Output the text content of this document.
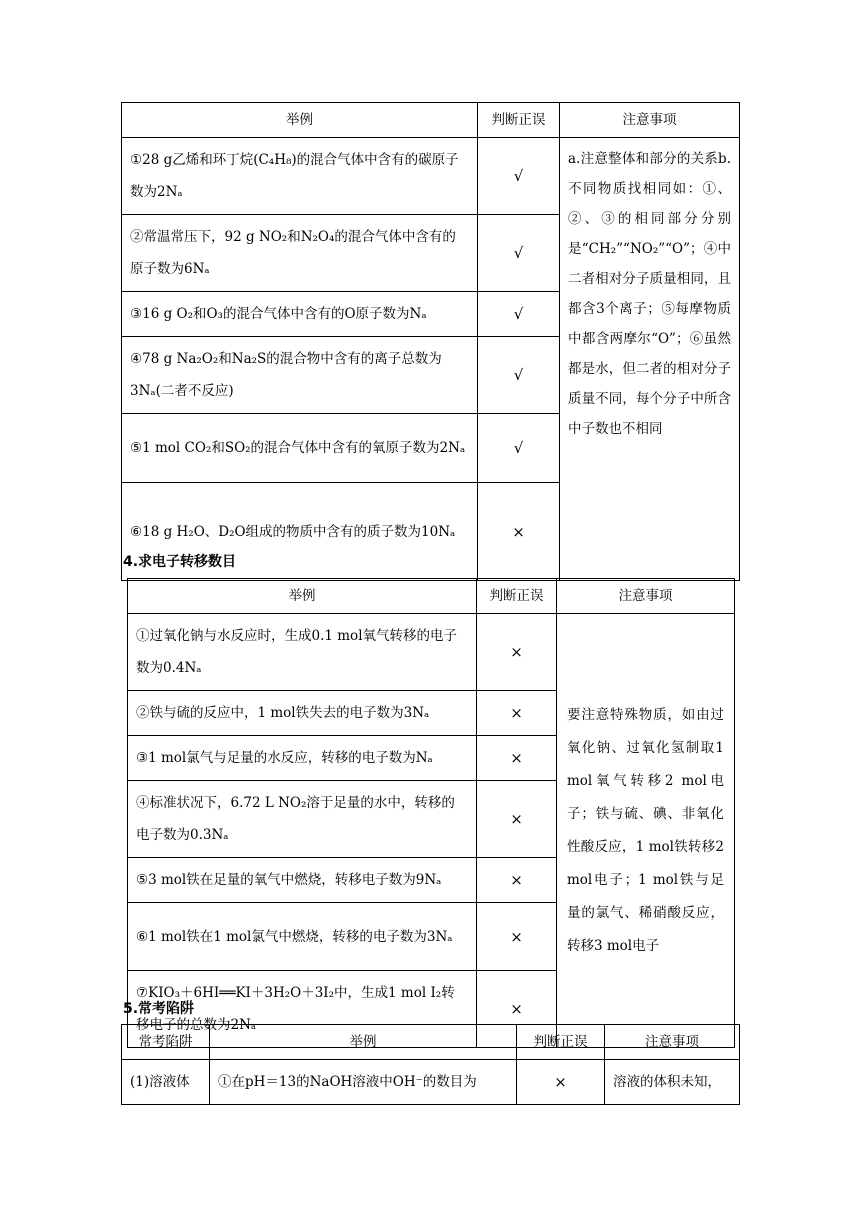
举例	判断正误	注意事项
①28 g乙烯和环丁烷(C₄H₈)的混合气体中含有的碳原子数为2Nₐ	√	a.注意整体和部分的关系b.不同物质找相同如：①、②、③的相同部分分别是“CH₂”“NO₂”“O”；④中二者相对分子质量相同，且都含3个离子；⑤每摩物质中都含两摩尔“O”；⑥虽然都是水，但二者的相对分子质量不同，每个分子中所含中子数也不相同
②常温常压下，92 g NO₂和N₂O₄的混合气体中含有的原子数为6Nₐ	√	
③16 g O₂和O₃的混合气体中含有的O原子数为Nₐ	√	
④78 g Na₂O₂和Na₂S的混合物中含有的离子总数为3Nₐ(二者不反应)	√	
⑤1 mol CO₂和SO₂的混合气体中含有的氧原子数为2Nₐ	√	
⑥18 g H₂O、D₂O组成的物质中含有的质子数为10Nₐ	×	
4.求电子转移数目
举例	判断正误	注意事项
①过氧化钠与水反应时，生成0.1 mol氧气转移的电子数为0.4Nₐ	×	要注意特殊物质，如由过氧化钠、过氧化氢制取1 mol氧气转移2 mol电子；铁与硫、碘、非氧化性酸反应，1 mol铁转移2 mol电子；1 mol铁与足量的氯气、稀硝酸反应，转移3 mol电子
②铁与硫的反应中，1 mol铁失去的电子数为3Nₐ	×	
③1 mol氯气与足量的水反应，转移的电子数为Nₐ	×	
④标准状况下，6.72 L NO₂溶于足量的水中，转移的电子数为0.3Nₐ	×	
⑤3 mol铁在足量的氧气中燃烧，转移电子数为9Nₐ	×	
⑥1 mol铁在1 mol氯气中燃烧，转移的电子数为3Nₐ	×	
⑦KIO₃＋6HI══KI＋3H₂O＋3I₂中，生成1 mol I₂转移电子的总数为2Nₐ	×	
5.常考陷阱
常考陷阱	举例	判断正误	注意事项
(1)溶液体	①在pH＝13的NaOH溶液中OH⁻的数目为	×	溶液的体积未知，
